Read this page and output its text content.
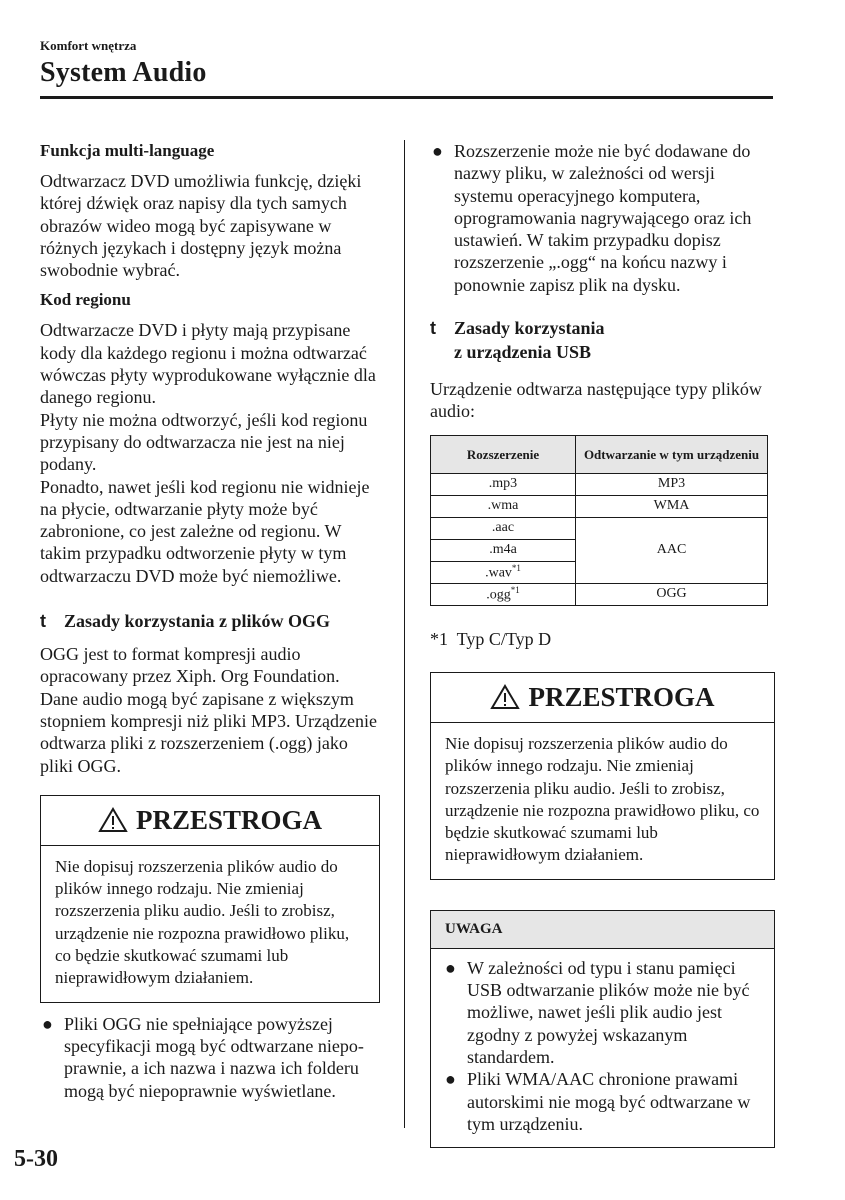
Komfort wnętrza
System Audio
Funkcja multi-language

Odtwarzacz DVD umożliwia funkcję, dzięki której dźwięk oraz napisy dla tych samych obrazów wideo mogą być zapisywane w różnych językach i dostępny język można swobodnie wybrać.

Kod regionu

Odtwarzacze DVD i płyty mają przypisane kody dla każdego regionu i można odtwarzać wówczas płyty wyprodukowane wyłącznie dla danego regionu.

Płyty nie można odtworzyć, jeśli kod regionu przypisany do odtwarzacza nie jest na niej podany.

Ponadto, nawet jeśli kod regionu nie widnieje na płycie, odtwarzanie płyty może być zabronione, co jest zależne od regionu. W takim przypadku odtworzenie płyty w tym odtwarzaczu DVD może być niemożliwe.

t	Zasady korzystania z plików OGG

OGG jest to format kompresji audio opracowany przez Xiph. Org Foundation. Dane audio mogą być zapisane z większym stopniem kompresji niż pliki MP3. Urządzenie odtwarza pliki z rozszerzeniem (.ogg) jako pliki OGG.

PRZESTROGA
Nie dopisuj rozszerzenia plików audio do plików innego rodzaju. Nie zmieniaj rozszerzenia pliku audio. Jeśli to zrobisz, urządzenie nie rozpozna prawidłowo pliku, co będzie skutkować szumami lub nieprawidłowym działaniem.
● Pliki OGG nie spełniające powyższej specyfikacji mogą być odtwarzane niepo-prawnie, a ich nazwa i nazwa ich folderu mogą być niepoprawnie wyświetlane.
● Rozszerzenie może nie być dodawane do nazwy pliku, w zależności od wersji systemu operacyjnego komputera, oprogramowania nagrywającego oraz ich ustawień. W takim przypadku dopisz rozszerzenie „.ogg“ na końcu nazwy i ponownie zapisz plik na dysku.
t	Zasady korzystania
z urządzenia USB

Urządzenie odtwarza następujące typy plików audio:

Rozszerzenie	Odtwarzanie w tym urządzeniu
.mp3	MP3
.wma	WMA
.aac	AAC
.m4a	
.wav$^{*1}$
.ogg$^{*1}$	OGG

*1  Typ C/Typ D

PRZESTROGA
Nie dopisuj rozszerzenia plików audio do plików innego rodzaju. Nie zmieniaj rozszerzenia pliku audio. Jeśli to zrobisz, urządzenie nie rozpozna prawidłowo pliku, co będzie skutkować szumami lub nieprawidłowym działaniem.
UWAGA
● W zależności od typu i stanu pamięci USB odtwarzanie plików może nie być możliwe, nawet jeśli plik audio jest zgodny z powyżej wskazanym standardem.
● Pliki WMA/AAC chronione prawami autorskimi nie mogą być odtwarzane w tym urządzeniu.
5-30
